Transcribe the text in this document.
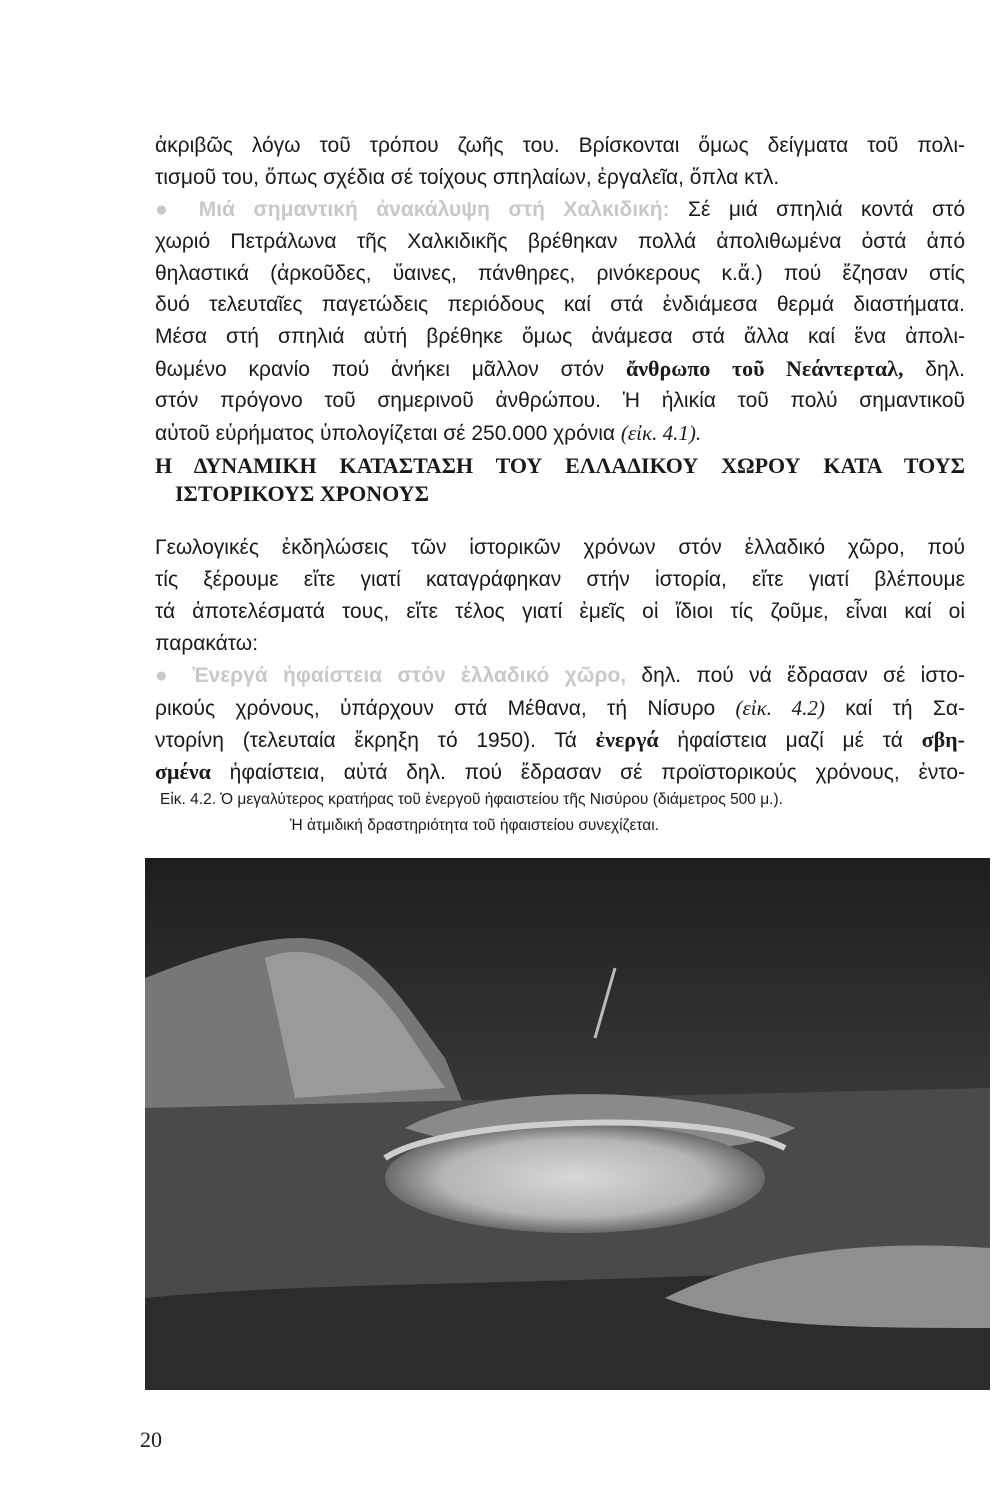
ἀκριβῶς λόγω τοῦ τρόπου ζωῆς του. Βρίσκονται ὅμως δείγματα τοῦ πολι-
τισμοῦ του, ὅπως σχέδια σέ τοίχους σπηλαίων, ἐργαλεῖα, ὅπλα κτλ.
● Μιά σημαντική ἀνακάλυψη στή Χαλκιδική: Σέ μιά σπηλιά κοντά στό
χωριό Πετράλωνα τῆς Χαλκιδικῆς βρέθηκαν πολλά ἀπολιθωμένα ὀστά ἀπό
θηλαστικά (ἀρκοῦδες, ὕαινες, πάνθηρες, ρινόκερους κ.ἄ.) πού ἔζησαν στίς
δυό τελευταῖες παγετώδεις περιόδους καί στά ἐνδιάμεσα θερμά διαστήματα.
Μέσα στή σπηλιά αὐτή βρέθηκε ὅμως ἀνάμεσα στά ἄλλα καί ἕνα ἀπολι-
θωμένο κρανίο πού ἀνήκει μᾶλλον στόν ἄνθρωπο τοῦ Νεάντερταλ, δηλ.
στόν πρόγονο τοῦ σημερινοῦ ἀνθρώπου. Ἡ ἡλικία τοῦ πολύ σημαντικοῦ
αὐτοῦ εὑρήματος ὑπολογίζεται σέ 250.000 χρόνια (εἰκ. 4.1).
Γεωλογικές ἐκδηλώσεις τῶν ἱστορικῶν χρόνων στόν ἑλλαδικό χῶρο, πού
τίς ξέρουμε εἴτε γιατί καταγράφηκαν στήν ἱστορία, εἴτε γιατί βλέπουμε
τά ἀποτελέσματά τους, εἴτε τέλος γιατί ἐμεῖς οἱ ἴδιοι τίς ζοῦμε, εἶναι καί οἱ
παρακάτω:
● Ἐνεργά ἡφαίστεια στόν ἑλλαδικό χῶρο, δηλ. πού νά ἔδρασαν σέ ἱστο-
ρικούς χρόνους, ὑπάρχουν στά Μέθανα, τή Νίσυρο (εἰκ. 4.2) καί τή Σα-
ντορίνη (τελευταία ἔκρηξη τό 1950). Τά ἐνεργά ἡφαίστεια μαζί μέ τά σβη-
σμένα ἡφαίστεια, αὐτά δηλ. πού ἔδρασαν σέ προϊστορικούς χρόνους, ἐντο-
Η ΔΥΝΑΜΙΚΗ ΚΑΤΑΣΤΑΣΗ ΤΟΥ ΕΛΛΑΔΙΚΟΥ ΧΩΡΟΥ ΚΑΤΑ ΤΟΥΣ
ΙΣΤΟΡΙΚΟΥΣ ΧΡΟΝΟΥΣ
Εἰκ. 4.2. Ὁ μεγαλύτερος κρατήρας τοῦ ἐνεργοῦ ἡφαιστείου τῆς Νισύρου (διάμετρος 500 μ.).
Ἡ ἀτμιδική δραστηριότητα τοῦ ἡφαιστείου συνεχίζεται.
20
